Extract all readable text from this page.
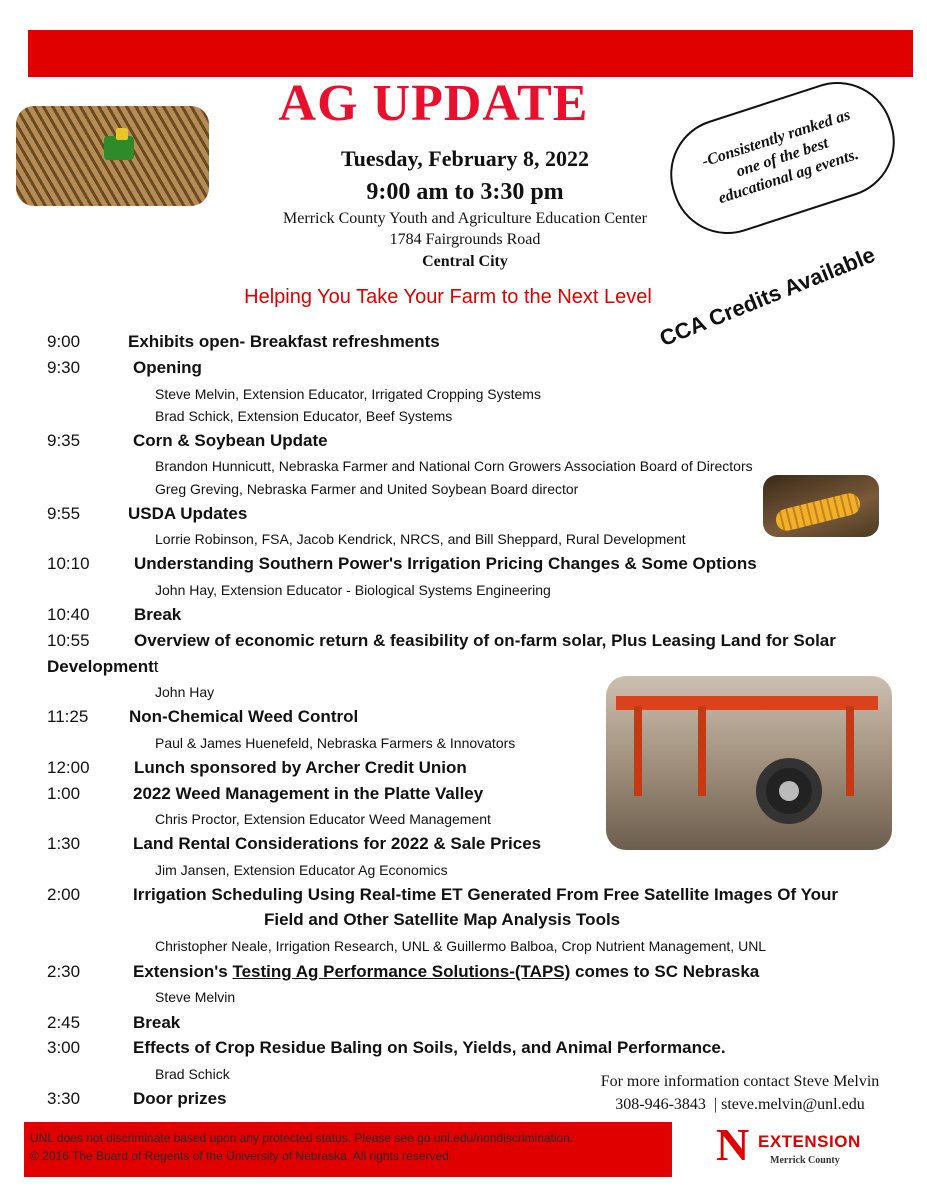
AG UPDATE
Tuesday, February 8, 2022
9:00 am to 3:30 pm
Merrick County Youth and Agriculture Education Center
1784 Fairgrounds Road
Central City
-Consistently ranked as one of the best educational ag events.
Helping You Take Your Farm to the Next Level CCA Credits Available
9:00	Exhibits open- Breakfast refreshments
9:30	Opening
Steve Melvin, Extension Educator, Irrigated Cropping Systems
Brad Schick, Extension Educator, Beef Systems
9:35	Corn & Soybean Update
Brandon Hunnicutt, Nebraska Farmer and National Corn Growers Association Board of Directors
Greg Greving, Nebraska Farmer and United Soybean Board director
9:55	USDA Updates
Lorrie Robinson, FSA, Jacob Kendrick, NRCS, and Bill Sheppard, Rural Development
10:10	Understanding Southern Power's Irrigation Pricing Changes & Some Options
John Hay, Extension Educator - Biological Systems Engineering
10:40	Break
10:55	Overview of economic return & feasibility of on-farm solar, Plus Leasing Land for Solar
Developmentt
John Hay
11:25 Non-Chemical Weed Control
Paul & James Huenefeld, Nebraska Farmers & Innovators
12:00	Lunch sponsored by Archer Credit Union
1:00	2022 Weed Management in the Platte Valley
Chris Proctor, Extension Educator Weed Management
1:30	Land Rental Considerations for 2022 & Sale Prices
Jim Jansen, Extension Educator Ag Economics
2:00	Irrigation Scheduling Using Real-time ET Generated From Free Satellite Images Of Your
Field and Other Satellite Map Analysis Tools
Christopher Neale, Irrigation Research, UNL & Guillermo Balboa, Crop Nutrient Management, UNL
2:30	Extension's Testing Ag Performance Solutions-(TAPS) comes to SC Nebraska
Steve Melvin
2:45	Break
3:00	Effects of Crop Residue Baling on Soils, Yields, and Animal Performance.
Brad Schick
3:30	Door prizes
For more information contact Steve Melvin
308-946-3843 | steve.melvin@unl.edu
UNL does not discriminate based upon any protected status. Please see go.unl.edu/nondiscrimination.
© 2016 The Board of Regents of the University of Nebraska. All rights reserved.	N EXTENSION
Merrick County
